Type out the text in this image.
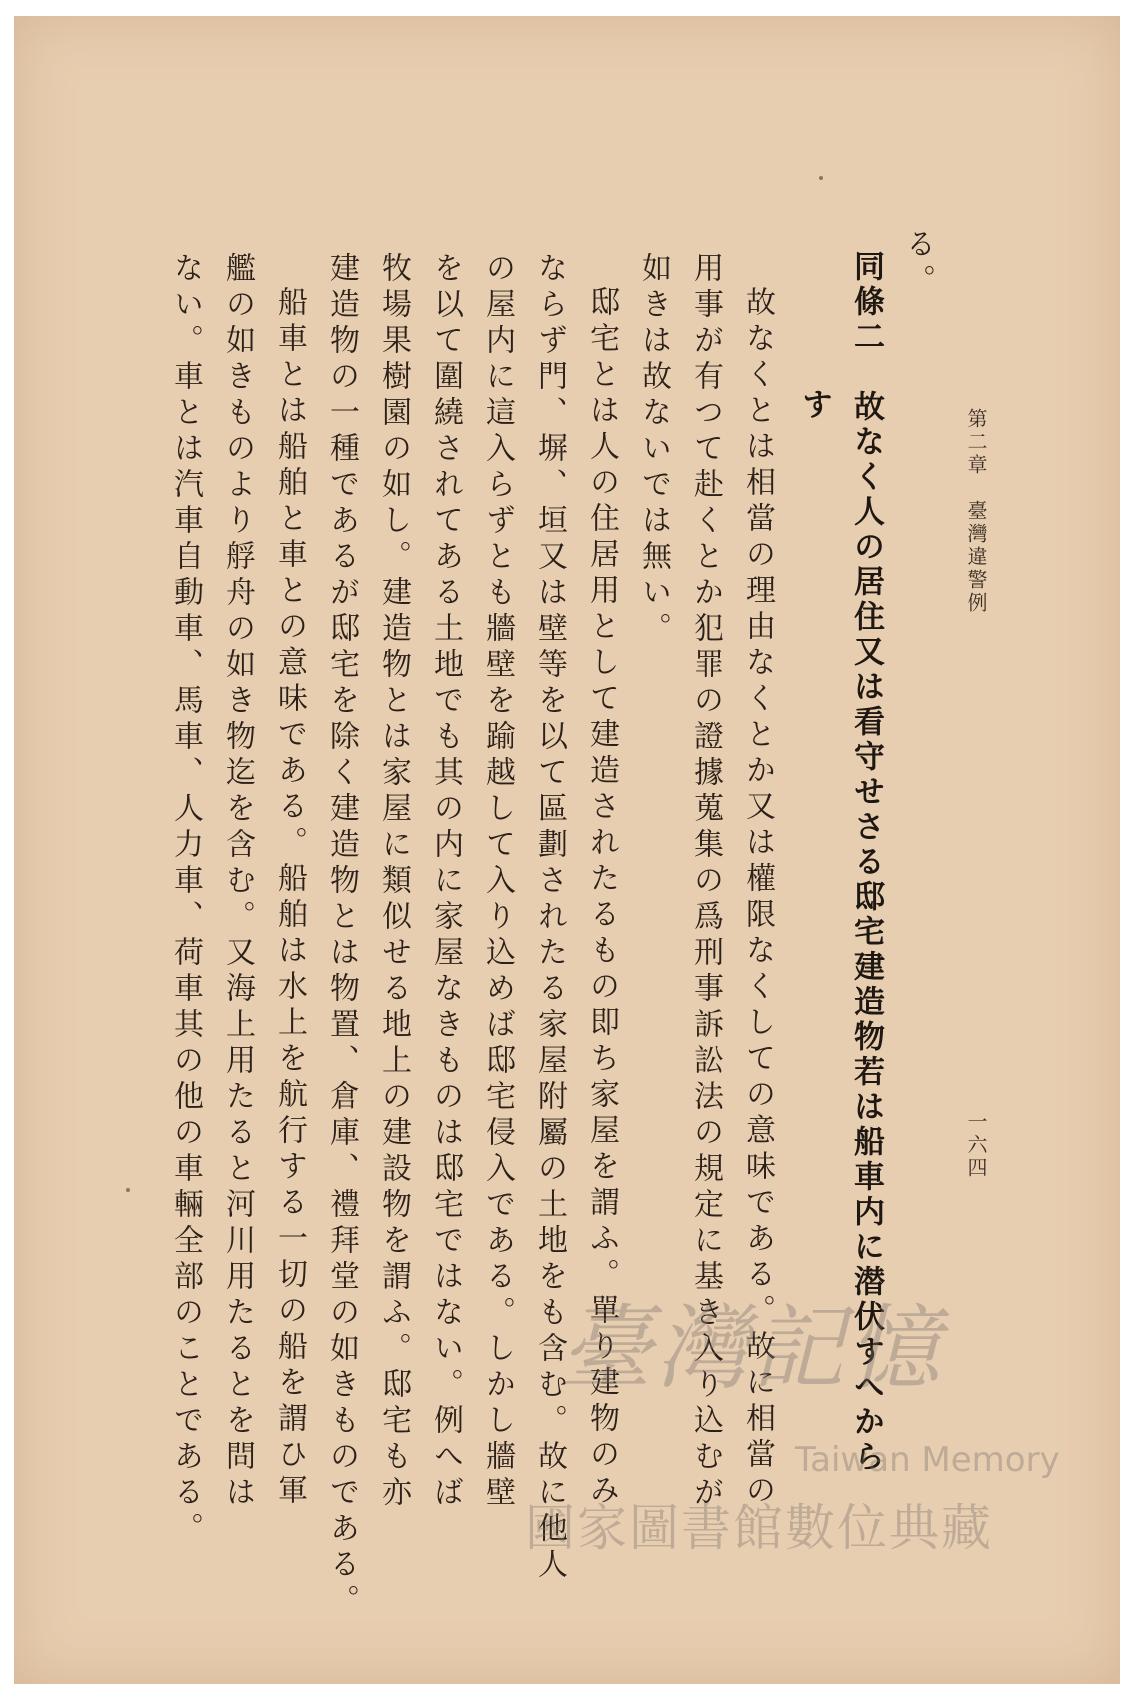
第二章　臺灣違警例
一六四
る。
同條二　故なく人の居住又は看守せさる邸宅建造物若は船車内に潜伏すへから
す
故なくとは相當の理由なくとか又は權限なくしての意味である。故に相當の
用事が有つて赴くとか犯罪の證據蒐集の爲刑事訴訟法の規定に基き入り込むが
如きは故ないでは無い。
邸宅とは人の住居用として建造されたるもの即ち家屋を謂ふ。單り建物のみ
ならず門、塀、垣又は壁等を以て區劃されたる家屋附屬の土地をも含む。故に他人
の屋内に這入らずとも牆壁を踰越して入り込めば邸宅侵入である。しかし牆壁
を以て圍繞されてある土地でも其の内に家屋なきものは邸宅ではない。例へば
牧場果樹園の如し。建造物とは家屋に類似せる地上の建設物を謂ふ。邸宅も亦
建造物の一種であるが邸宅を除く建造物とは物置、倉庫、禮拜堂の如きものである。
船車とは船舶と車との意味である。船舶は水上を航行する一切の船を謂ひ軍
艦の如きものより艀舟の如き物迄を含む。又海上用たると河川用たるとを問は
ない。車とは汽車自動車、馬車、人力車、荷車其の他の車輛全部のことである。	臺灣記憶
Taiwan Memory
國家圖書館數位典藏
